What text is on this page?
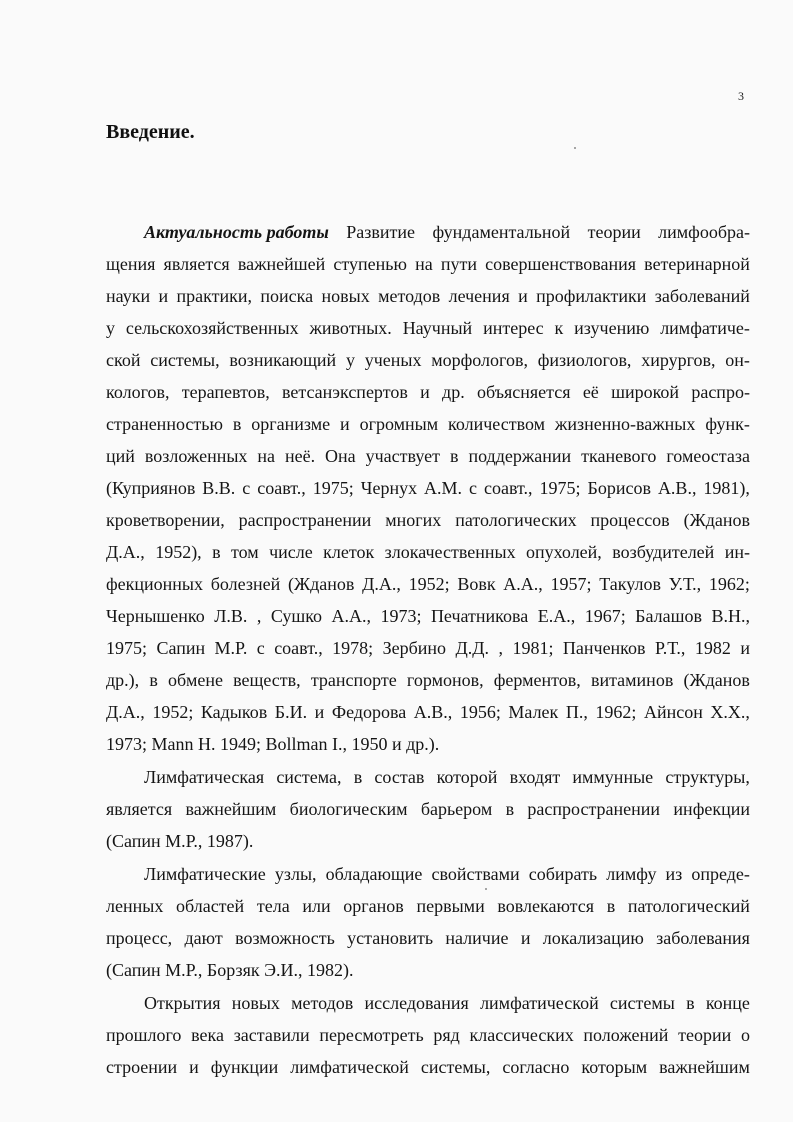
3
Введение.
Актуальность работы Развитие фундаментальной теории лимфообра-
щения является важнейшей ступенью на пути совершенствования ветеринарной
науки и практики, поиска новых методов лечения и профилактики заболеваний
у сельскохозяйственных животных. Научный интерес к изучению лимфатиче-
ской системы, возникающий у ученых морфологов, физиологов, хирургов, он-
кологов, терапевтов, ветсанэкспертов и др. объясняется её широкой распро-
страненностью в организме и огромным количеством жизненно-важных функ-
ций возложенных на неё. Она участвует в поддержании тканевого гомеостаза
(Куприянов В.В. с соавт., 1975; Чернух А.М. с соавт., 1975; Борисов А.В., 1981),
кроветворении, распространении многих патологических процессов (Жданов
Д.А., 1952), в том числе клеток злокачественных опухолей, возбудителей ин-
фекционных болезней (Жданов Д.А., 1952; Вовк А.А., 1957; Такулов У.Т., 1962;
Чернышенко Л.В. , Сушко А.А., 1973; Печатникова Е.А., 1967; Балашов В.Н.,
1975; Сапин М.Р. с соавт., 1978; Зербино Д.Д. , 1981; Панченков Р.Т., 1982 и
др.), в обмене веществ, транспорте гормонов, ферментов, витаминов (Жданов
Д.А., 1952; Кадыков Б.И. и Федорова А.В., 1956; Малек П., 1962; Айнсон Х.Х.,
1973; Mann H. 1949; Bollman I., 1950 и др.).
Лимфатическая система, в состав которой входят иммунные структуры,
является важнейшим биологическим барьером в распространении инфекции
(Сапин М.Р., 1987).
Лимфатические узлы, обладающие свойствами собирать лимфу из опреде-
ленных областей тела или органов первыми вовлекаются в патологический
процесс, дают возможность установить наличие и локализацию заболевания
(Сапин М.Р., Борзяк Э.И., 1982).
Открытия новых методов исследования лимфатической системы в конце
прошлого века заставили пересмотреть ряд классических положений теории о
строении и функции лимфатической системы, согласно которым важнейшим
